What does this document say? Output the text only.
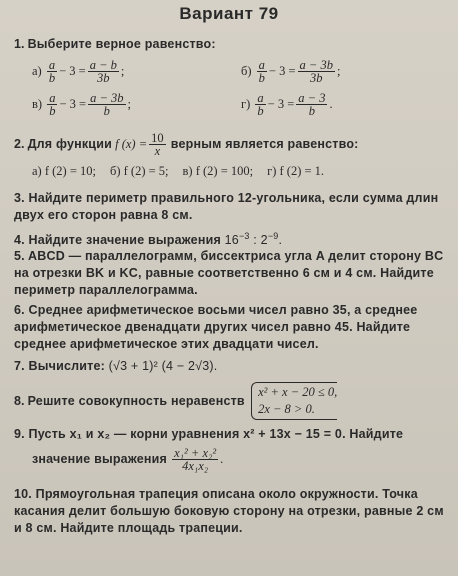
Вариант 79
1. Выберите верное равенство:
а)
$\frac{a}{b} - 3 = \frac{a - b}{3b}$ ;	б)
$\frac{a}{b} - 3 = \frac{a - 3b}{3b}$ ;
в)
$\frac{a}{b} - 3 = \frac{a - 3b}{b}$ ;	г)
$\frac{a}{b} - 3 = \frac{a - 3}{b}$ .
2.
Для функции
f $(x) = \frac{10}{x}$
верным является равенство:
а) f (2) = 10; б) f (2) = 5; в) f (2) = 100; г) f (2) = 1.
3. Найдите периметр правильного 12-угольника, если сумма длин двух его сторон равна 8 см.
4. Найдите значение выражения $16^{-3}$ : $2^{-9}$.
5. ABCD — параллелограмм, биссектриса угла A делит сторону BC на отрезки BK и KC, равные соответственно 6 см и 4 см. Найдите периметр параллелограмма.
6. Среднее арифметическое восьми чисел равно 35, а среднее арифметическое двенадцати других чисел равно 45. Найдите среднее арифметическое этих двадцати чисел.
7. Вычислите: (√3 + 1)² (4 − 2√3).
8.
Решите совокупность неравенств

x² + x − 20 ≤ 0,
2x − 8 > 0.
9. Пусть x₁ и x₂ — корни уравнения x² + 13x − 15 = 0. Найдите
значение выражения
$\frac{\text{x₁² + x₂²}}{\text{4x₁x₂}}$ .
10. Прямоугольная трапеция описана около окружности. Точка касания делит большую боковую сторону на отрезки, равные 2 см и 8 см. Найдите площадь трапеции.
